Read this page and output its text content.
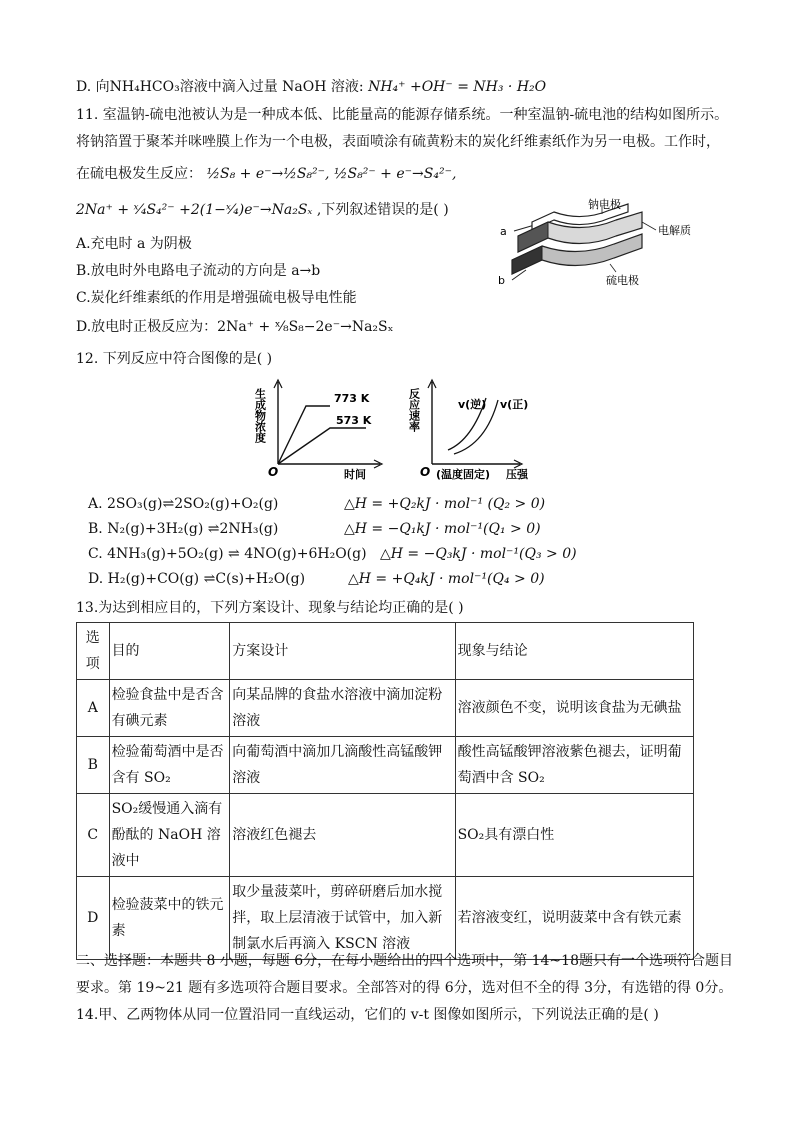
D. 向NH₄HCO₃溶液中滴入过量 NaOH 溶液: NH₄⁺ +OH⁻ = NH₃ · H₂O
11. 室温钠-硫电池被认为是一种成本低、比能量高的能源存储系统。一种室温钠-硫电池的结构如图所示。
将钠箔置于聚苯并咪唑膜上作为一个电极，表面喷涂有硫黄粉末的炭化纤维素纸作为另一电极。工作时，
在硫电极发生反应： ½S₈ + e⁻→½S₈²⁻, ½S₈²⁻ + e⁻→S₄²⁻,
2Na⁺ + ˣ⁄₄S₄²⁻ +2(1−ˣ⁄₄)e⁻→Na₂Sₓ ,下列叙述错误的是( )
A.充电时 a 为阴极
B.放电时外电路电子流动的方向是 a→b
C.炭化纤维素纸的作用是增强硫电极导电性能
D.放电时正极反应为：2Na⁺ + ˣ⁄₈S₈−2e⁻→Na₂Sₓ
a
b
钠电极
电解质
硫电极
12. 下列反应中符合图像的是( )
生成物浓度	773 K
573 K
O	时间
反应速率	v(逆) v(正)
O (温度固定) 压强
A. 2SO₃(g)⇌2SO₂(g)+O₂(g)	△H = +Q₂kJ · mol⁻¹ (Q₂ > 0)
B. N₂(g)+3H₂(g) ⇌2NH₃(g)	△H = −Q₁kJ · mol⁻¹(Q₁ > 0)
C. 4NH₃(g)+5O₂(g) ⇌ 4NO(g)+6H₂O(g) △H = −Q₃kJ · mol⁻¹(Q₃ > 0)
D. H₂(g)+CO(g) ⇌C(s)+H₂O(g)	△H = +Q₄kJ · mol⁻¹(Q₄ > 0)
13.为达到相应目的，下列方案设计、现象与结论均正确的是( )
选项	目的	方案设计	现象与结论
A	检验食盐中是否含有碘元素	向某品牌的食盐水溶液中滴加淀粉溶液	溶液颜色不变，说明该食盐为无碘盐
B	检验葡萄酒中是否含有 SO₂	向葡萄酒中滴加几滴酸性高锰酸钾溶液	酸性高锰酸钾溶液紫色褪去，证明葡萄酒中含 SO₂
C	SO₂缓慢通入滴有酚酞的 NaOH 溶液中	溶液红色褪去	SO₂具有漂白性
D	检验菠菜中的铁元素	取少量菠菜叶，剪碎研磨后加水搅拌，取上层清液于试管中，加入新制氯水后再滴入 KSCN 溶液	若溶液变红，说明菠菜中含有铁元素
二、选择题：本题共 8 小题，每题 6分，在每小题给出的四个选项中，第 14~18题只有一个选项符合题目
要求。第 19~21 题有多选项符合题目要求。全部答对的得 6分，选对但不全的得 3分，有选错的得 0分。
14.甲、乙两物体从同一位置沿同一直线运动，它们的 v-t 图像如图所示，下列说法正确的是( )
